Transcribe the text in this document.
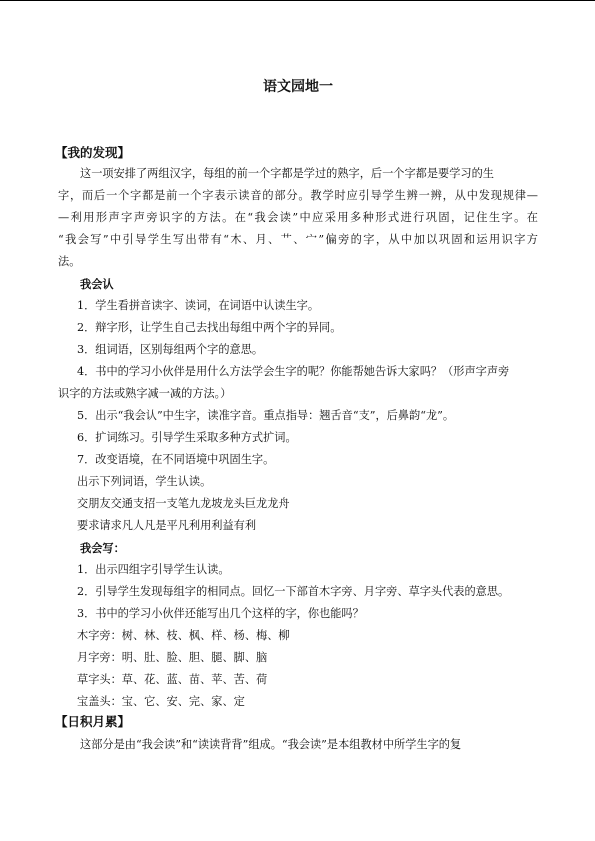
语文园地一
【我的发现】
这一项安排了两组汉字，每组的前一个字都是学过的熟字，后一个字都是要学习的生
字，而后一个字都是前一个字表示读音的部分。教学时应引导学生辨一辨，从中发现规律—
—利用形声字声旁识字的方法。在“我会读”中应采用多种形式进行巩固，记住生字。在
“我会写”中引导学生写出带有“木、月、艹、宀”偏旁的字，从中加以巩固和运用识字方
法。
我会认
1．学生看拼音读字、读词，在词语中认读生字。
2．辩字形，让学生自己去找出每组中两个字的异同。
3．组词语，区别每组两个字的意思。
4．书中的学习小伙伴是用什么方法学会生字的呢？你能帮她告诉大家吗？（形声字声旁
识字的方法或熟字减一减的方法。）
5．出示“我会认”中生字，读准字音。重点指导：翘舌音“支”，后鼻韵“龙”。
6．扩词练习。引导学生采取多种方式扩词。
7．改变语境，在不同语境中巩固生字。
出示下列词语，学生认读。
交朋友交通支招一支笔九龙坡龙头巨龙龙舟
要求请求凡人凡是平凡利用利益有利
我会写：
1．出示四组字引导学生认读。
2．引导学生发现每组字的相同点。回忆一下部首木字旁、月字旁、草字头代表的意思。
3．书中的学习小伙伴还能写出几个这样的字，你也能吗？
木字旁：树、林、枝、枫、样、杨、梅、柳
月字旁：明、肚、脸、胆、腿、脚、脑
草字头：草、花、蓝、苗、苹、苦、荷
宝盖头：宝、它、安、完、家、定
【日积月累】
这部分是由“我会读”和“读读背背”组成。“我会读”是本组教材中所学生字的复
